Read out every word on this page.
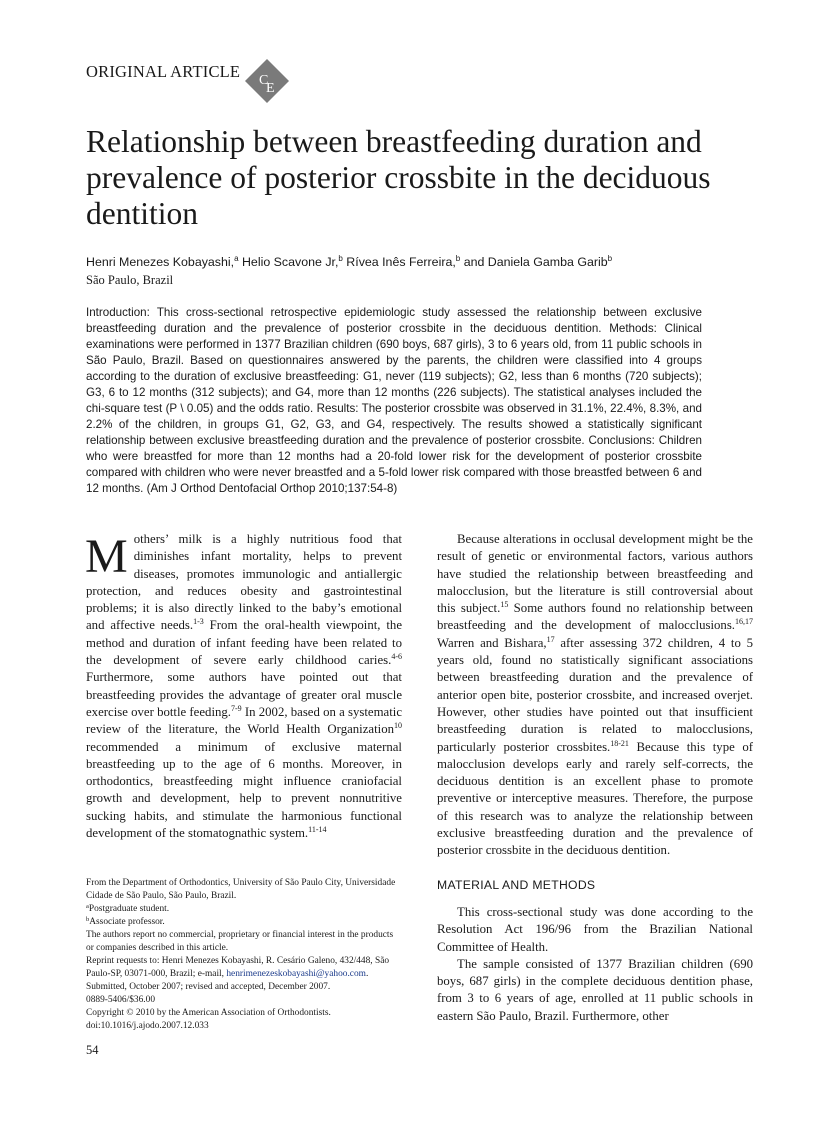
ORIGINAL ARTICLE C
E
Relationship between breastfeeding duration and prevalence of posterior crossbite in the deciduous dentition
Henri Menezes Kobayashi,$^a$ Helio Scavone Jr,$^b$ Rívea Inês Ferreira,$^b$ and Daniela Gamba Garib$^b$
São Paulo, Brazil

Introduction: This cross-sectional retrospective epidemiologic study assessed the relationship between exclusive breastfeeding duration and the prevalence of posterior crossbite in the deciduous dentition. Methods: Clinical examinations were performed in 1377 Brazilian children (690 boys, 687 girls), 3 to 6 years old, from 11 public schools in São Paulo, Brazil. Based on questionnaires answered by the parents, the children were classified into 4 groups according to the duration of exclusive breastfeeding: G1, never (119 subjects); G2, less than 6 months (720 subjects); G3, 6 to 12 months (312 subjects); and G4, more than 12 months (226 subjects). The statistical analyses included the chi-square test (P \ 0.05) and the odds ratio. Results: The posterior crossbite was observed in 31.1%, 22.4%, 8.3%, and 2.2% of the children, in groups G1, G2, G3, and G4, respectively. The results showed a statistically significant relationship between exclusive breastfeeding duration and the prevalence of posterior crossbite. Conclusions: Children who were breastfed for more than 12 months had a 20-fold lower risk for the development of posterior crossbite compared with children who were never breastfed and a 5-fold lower risk compared with those breastfed between 6 and 12 months. (Am J Orthod Dentofacial Orthop 2010;137:54-8)

Mothers’ milk is a highly nutritious food that diminishes infant mortality, helps to prevent diseases, promotes immunologic and antiallergic protection, and reduces obesity and gastrointestinal problems; it is also directly linked to the baby’s emotional and affective needs.$^{1-3}$ From the oral-health viewpoint, the method and duration of infant feeding have been related to the development of severe early childhood caries.$^{4-6}$ Furthermore, some authors have pointed out that breastfeeding provides the advantage of greater oral muscle exercise over bottle feeding.$^{7-9}$ In 2002, based on a systematic review of the literature, the World Health Organization$^{10}$ recommended a minimum of exclusive maternal breastfeeding up to the age of 6 months. Moreover, in orthodontics, breastfeeding might influence craniofacial growth and development, help to prevent nonnutritive sucking habits, and stimulate the harmonious functional development of the stomatognathic system.$^{11-14}$

From the Department of Orthodontics, University of São Paulo City, Universidade Cidade de São Paulo, São Paulo, Brazil.

$^a$Postgraduate student.

$^b$Associate professor.

The authors report no commercial, proprietary or financial interest in the products or companies described in this article.

Reprint requests to: Henri Menezes Kobayashi, R. Cesário Galeno, 432/448, São Paulo-SP, 03071-000, Brazil; e-mail, henrimenezeskobayashi@yahoo.com.

Submitted, October 2007; revised and accepted, December 2007.

0889-5406/$36.00

Copyright © 2010 by the American Association of Orthodontists.

doi:10.1016/j.ajodo.2007.12.033

Because alterations in occlusal development might be the result of genetic or environmental factors, various authors have studied the relationship between breastfeeding and malocclusion, but the literature is still controversial about this subject.$^{15}$ Some authors found no relationship between breastfeeding and the development of malocclusions.$^{16,17}$ Warren and Bishara,$^{17}$ after assessing 372 children, 4 to 5 years old, found no statistically significant associations between breastfeeding duration and the prevalence of anterior open bite, posterior crossbite, and increased overjet. However, other studies have pointed out that insufficient breastfeeding duration is related to malocclusions, particularly posterior crossbites.$^{18-21}$ Because this type of malocclusion develops early and rarely self-corrects, the deciduous dentition is an excellent phase to promote preventive or interceptive measures. Therefore, the purpose of this research was to analyze the relationship between exclusive breastfeeding duration and the prevalence of posterior crossbite in the deciduous dentition.

MATERIAL AND METHODS

This cross-sectional study was done according to the Resolution Act 196/96 from the Brazilian National Committee of Health.

The sample consisted of 1377 Brazilian children (690 boys, 687 girls) in the complete deciduous dentition phase, from 3 to 6 years of age, enrolled at 11 public schools in eastern São Paulo, Brazil. Furthermore, other

54
